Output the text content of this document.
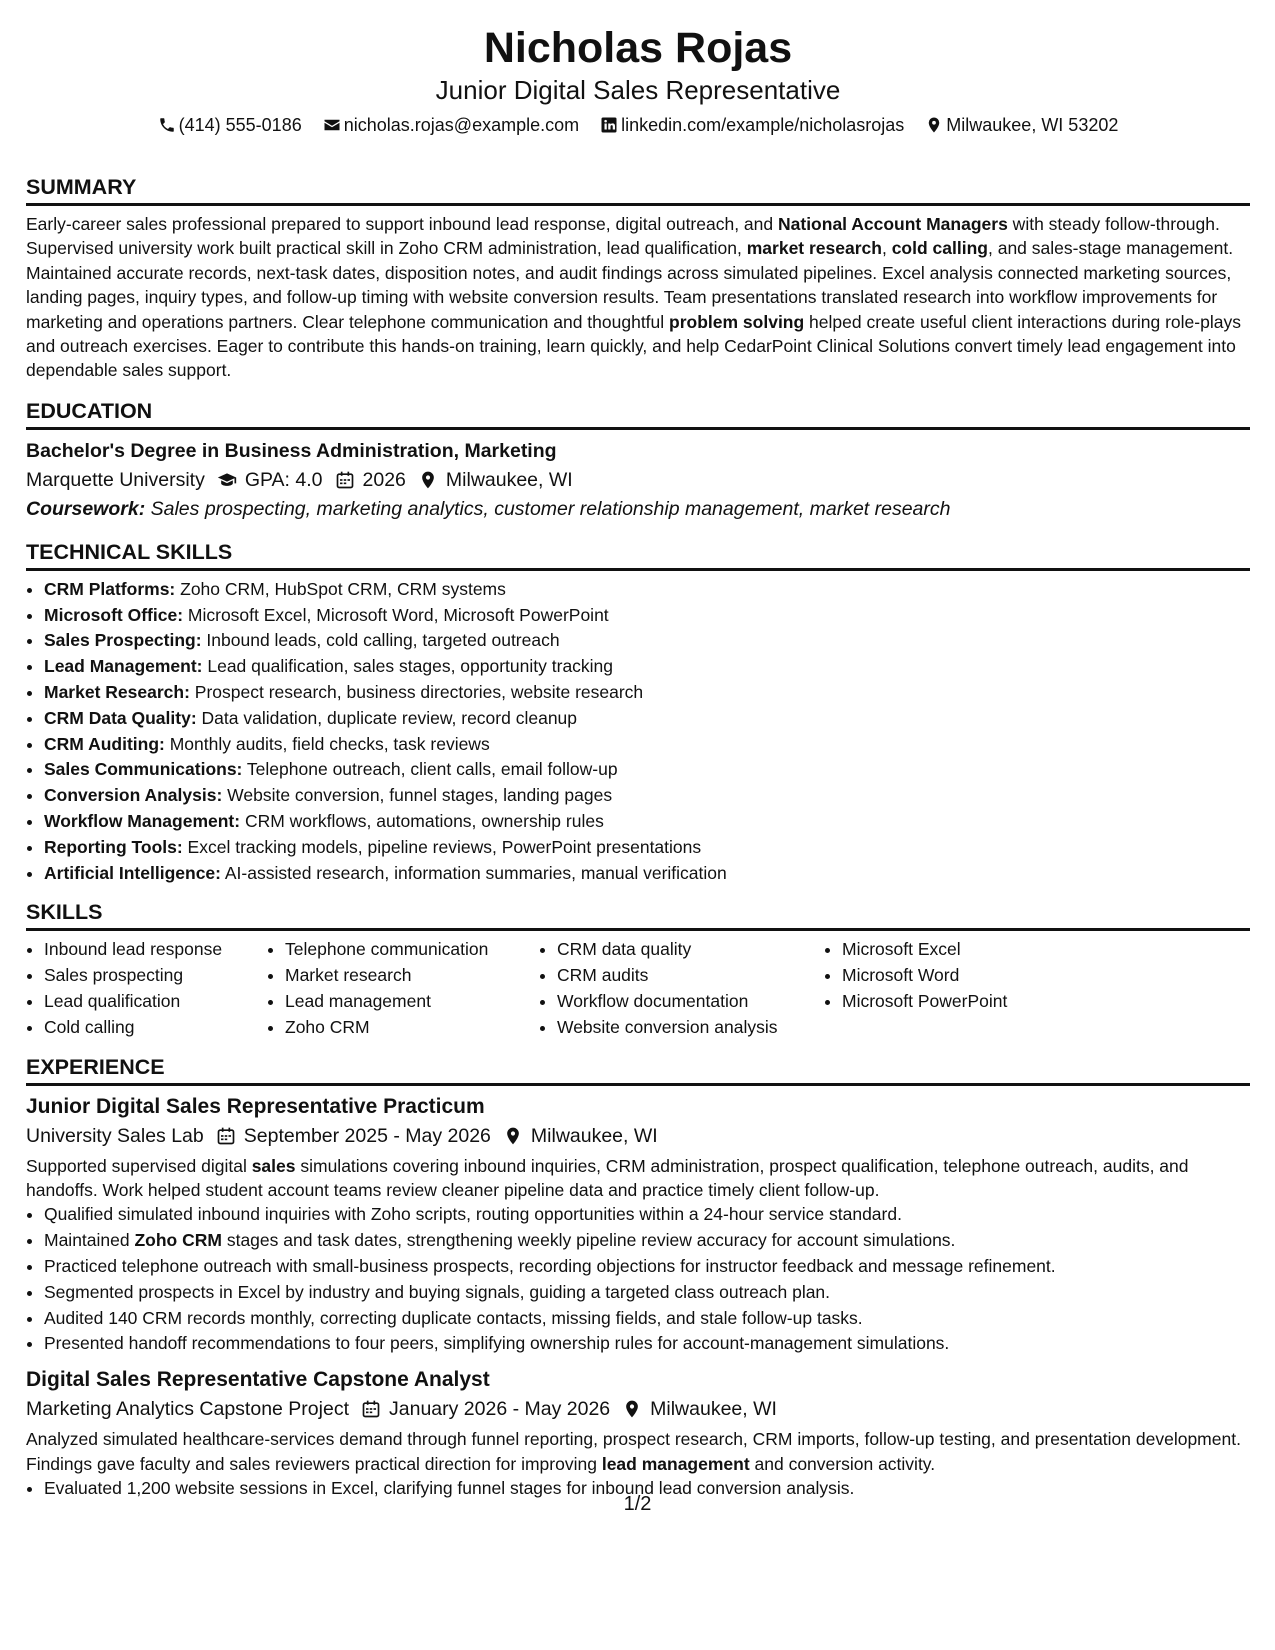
Nicholas Rojas
Junior Digital Sales Representative
(414) 555-0186
nicholas.rojas@example.com
linkedin.com/example/nicholasrojas
Milwaukee, WI 53202
SUMMARY

Early-career sales professional prepared to support inbound lead response, digital outreach, and National Account Managers with steady follow-through. Supervised university work built practical skill in Zoho CRM administration, lead qualification, market research, cold calling, and sales-stage management. Maintained accurate records, next-task dates, disposition notes, and audit findings across simulated pipelines. Excel analysis connected marketing sources, landing pages, inquiry types, and follow-up timing with website conversion results. Team presentations translated research into workflow improvements for marketing and operations partners. Clear telephone communication and thoughtful problem solving helped create useful client interactions during role-plays and outreach exercises. Eager to contribute this hands-on training, learn quickly, and help CedarPoint Clinical Solutions convert timely lead engagement into dependable sales support.

EDUCATION
Bachelor's Degree in Business Administration, Marketing
Marquette University GPA: 4.0 2026 Milwaukee, WI
Coursework: Sales prospecting, marketing analytics, customer relationship management, market research
TECHNICAL SKILLS
• CRM Platforms: Zoho CRM, HubSpot CRM, CRM systems
• Microsoft Office: Microsoft Excel, Microsoft Word, Microsoft PowerPoint
• Sales Prospecting: Inbound leads, cold calling, targeted outreach
• Lead Management: Lead qualification, sales stages, opportunity tracking
• Market Research: Prospect research, business directories, website research
• CRM Data Quality: Data validation, duplicate review, record cleanup
• CRM Auditing: Monthly audits, field checks, task reviews
• Sales Communications: Telephone outreach, client calls, email follow-up
• Conversion Analysis: Website conversion, funnel stages, landing pages
• Workflow Management: CRM workflows, automations, ownership rules
• Reporting Tools: Excel tracking models, pipeline reviews, PowerPoint presentations
• Artificial Intelligence: AI-assisted research, information summaries, manual verification
SKILLS
• Inbound lead response
• Sales prospecting
• Lead qualification
• Cold calling
• Telephone communication
• Market research
• Lead management
• Zoho CRM
• CRM data quality
• CRM audits
• Workflow documentation
• Website conversion analysis
• Microsoft Excel
• Microsoft Word
• Microsoft PowerPoint
EXPERIENCE
Junior Digital Sales Representative Practicum
University Sales Lab September 2025 - May 2026 Milwaukee, WI

Supported supervised digital sales simulations covering inbound inquiries, CRM administration, prospect qualification, telephone outreach, audits, and handoffs. Work helped student account teams review cleaner pipeline data and practice timely client follow-up.

• Qualified simulated inbound inquiries with Zoho scripts, routing opportunities within a 24-hour service standard.
• Maintained Zoho CRM stages and task dates, strengthening weekly pipeline review accuracy for account simulations.
• Practiced telephone outreach with small-business prospects, recording objections for instructor feedback and message refinement.
• Segmented prospects in Excel by industry and buying signals, guiding a targeted class outreach plan.
• Audited 140 CRM records monthly, correcting duplicate contacts, missing fields, and stale follow-up tasks.
• Presented handoff recommendations to four peers, simplifying ownership rules for account-management simulations.
Digital Sales Representative Capstone Analyst
Marketing Analytics Capstone Project January 2026 - May 2026 Milwaukee, WI

Analyzed simulated healthcare-services demand through funnel reporting, prospect research, CRM imports, follow-up testing, and presentation development. Findings gave faculty and sales reviewers practical direction for improving lead management and conversion activity.

• Evaluated 1,200 website sessions in Excel, clarifying funnel stages for inbound lead conversion analysis.
1/2
